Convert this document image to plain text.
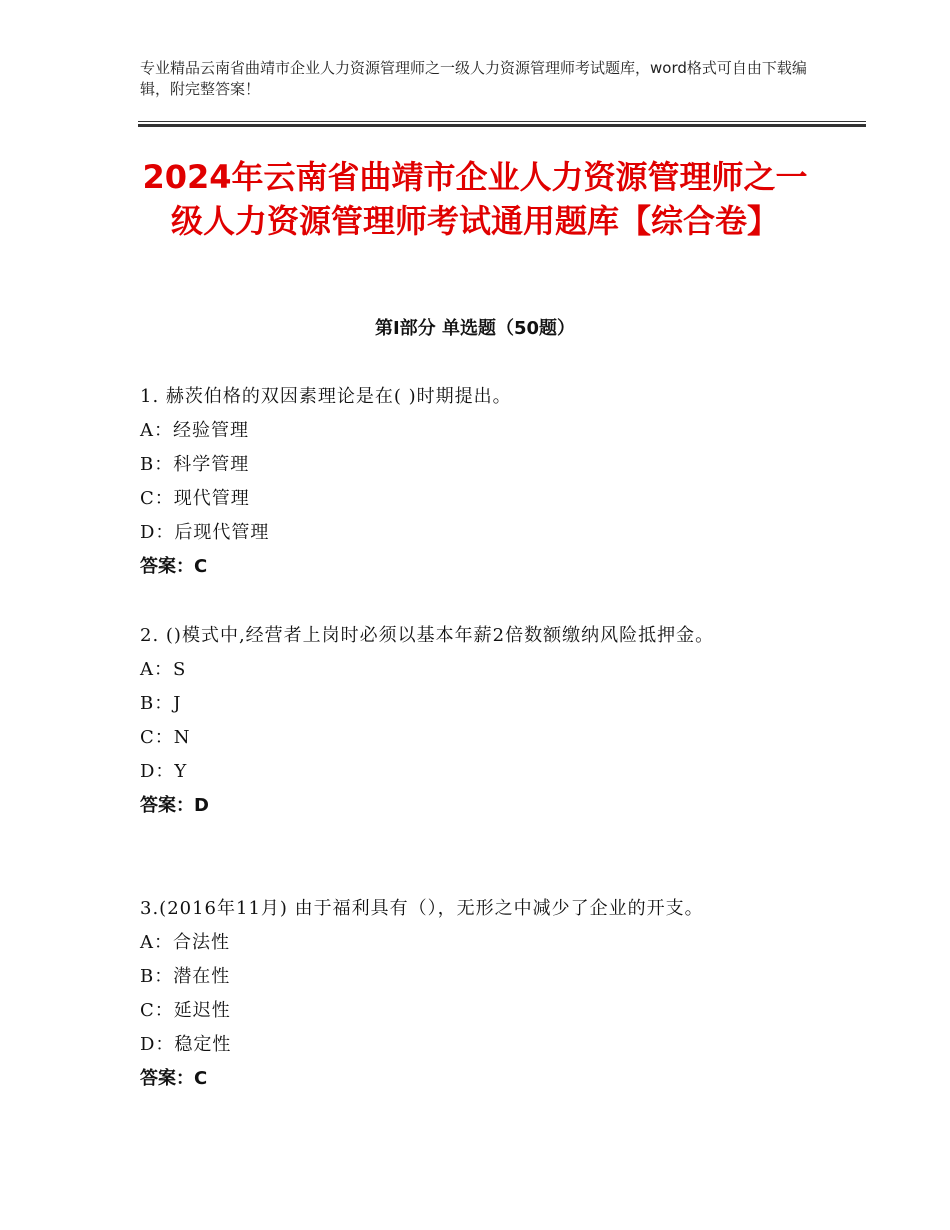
专业精品云南省曲靖市企业人力资源管理师之一级人力资源管理师考试题库，word格式可自由下载编辑，附完整答案！
2024年云南省曲靖市企业人力资源管理师之一级人力资源管理师考试通用题库【综合卷】
第Ⅰ部分 单选题（50题）
1. 赫茨伯格的双因素理论是在( )时期提出。
A：经验管理
B：科学管理
C：现代管理
D：后现代管理
答案：C
2. ()模式中,经营者上岗时必须以基本年薪2倍数额缴纳风险抵押金。
A：S
B：J
C：N
D：Y
答案：D
3.(2016年11月) 由于福利具有（），无形之中减少了企业的开支。
A：合法性
B：潜在性
C：延迟性
D：稳定性
答案：C
